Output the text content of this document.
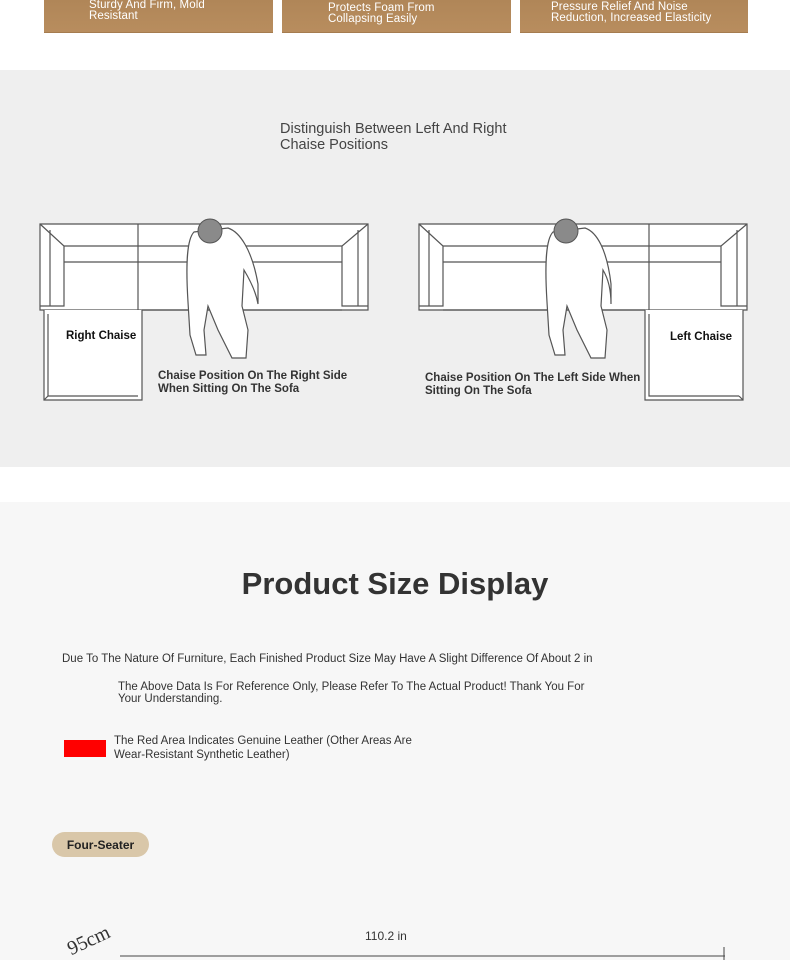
Sturdy And Firm, Mold Resistant
Protects Foam From Collapsing Easily
Pressure Relief And Noise Reduction, Increased Elasticity
Distinguish Between Left And Right Chaise Positions
Right Chaise
Chaise Position On The Right Side When Sitting On The Sofa
Left Chaise
Chaise Position On The Left Side When Sitting On The Sofa
Product Size Display
Due To The Nature Of Furniture, Each Finished Product Size May Have A Slight Difference Of About 2 in
The Above Data Is For Reference Only, Please Refer To The Actual Product! Thank You For Your Understanding.
The Red Area Indicates Genuine Leather (Other Areas Are Wear-Resistant Synthetic Leather)
Four-Seater
110.2 in
95cm
